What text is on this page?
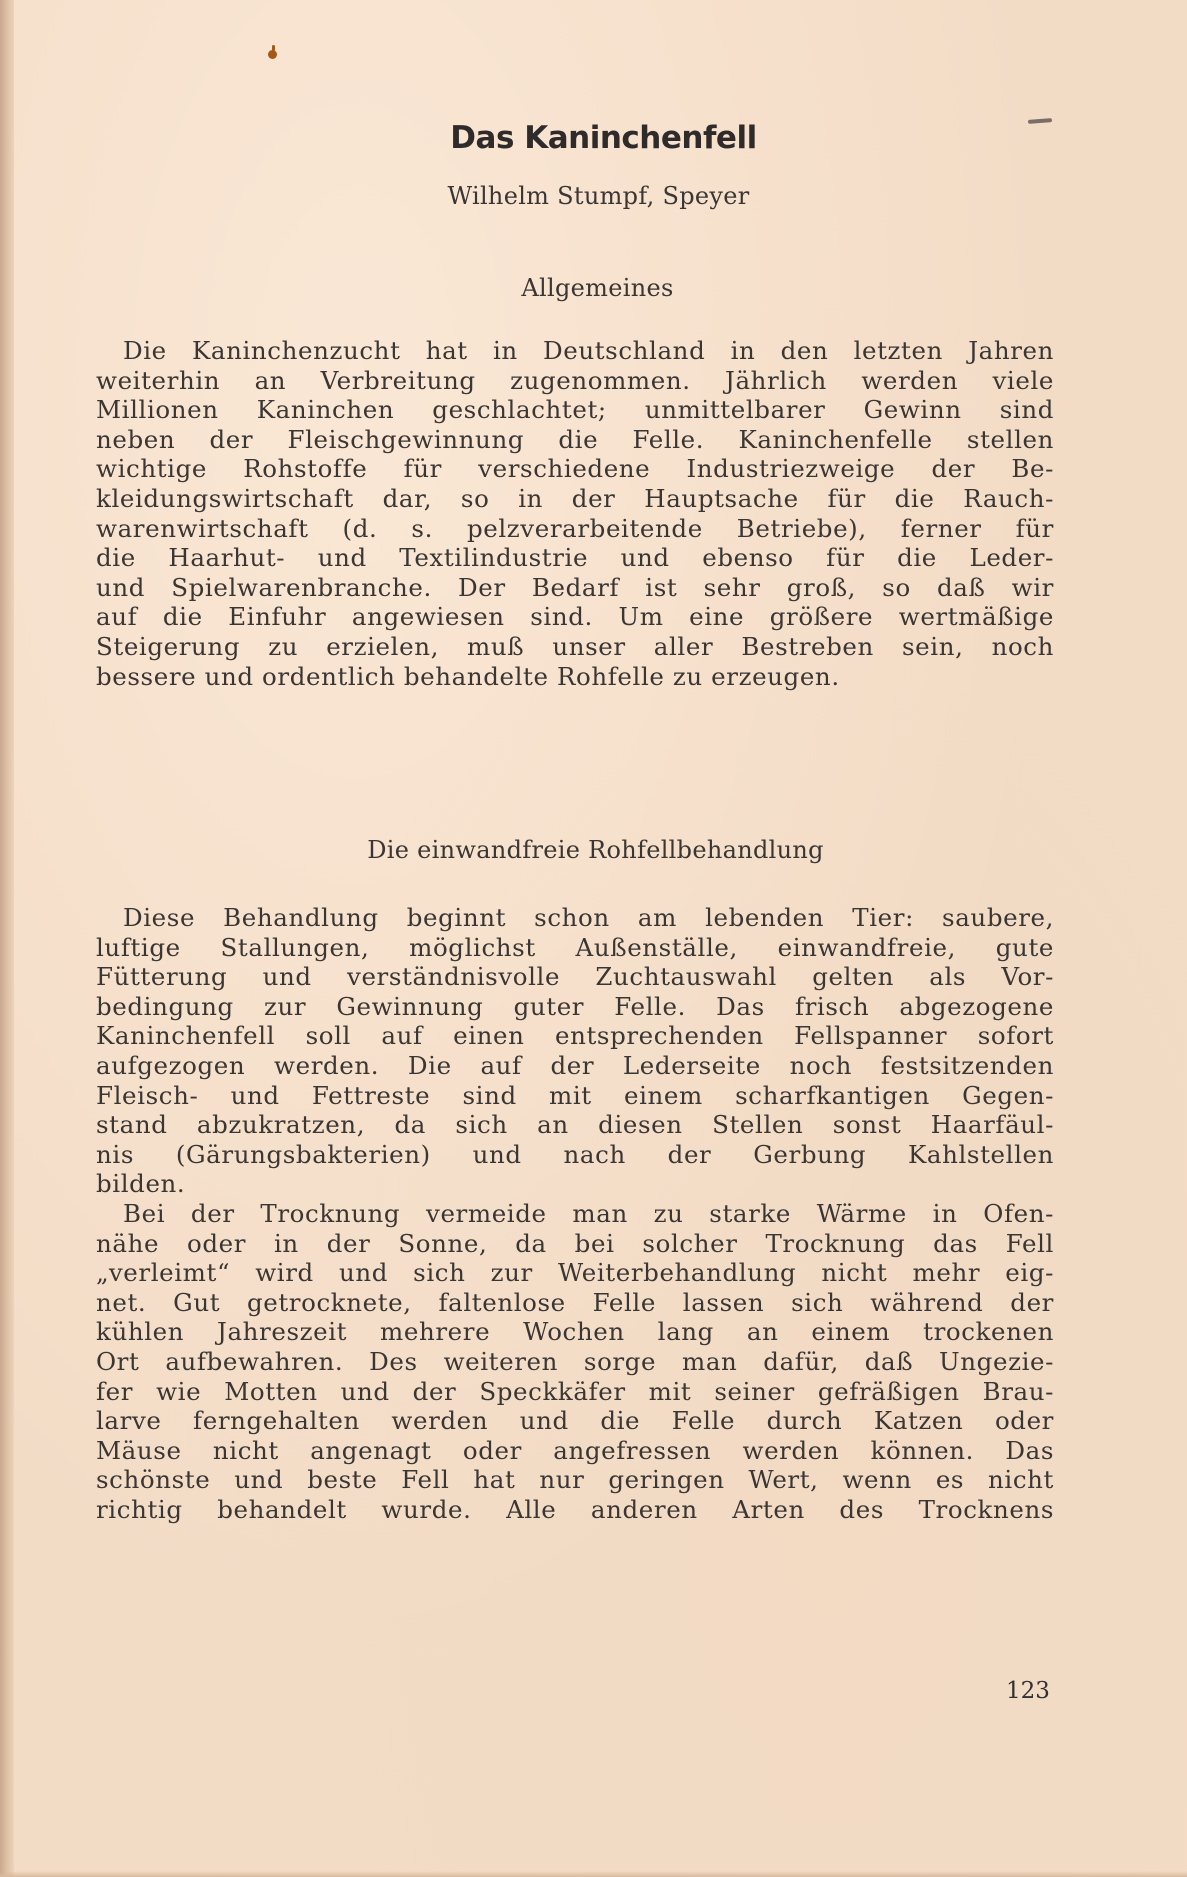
Das Kaninchenfell
Wilhelm Stumpf, Speyer
Allgemeines
Die Kaninchenzucht hat in Deutschland in den letzten Jahren
weiterhin an Verbreitung zugenommen. Jährlich werden viele
Millionen Kaninchen geschlachtet; unmittelbarer Gewinn sind
neben der Fleischgewinnung die Felle. Kaninchenfelle stellen
wichtige Rohstoffe für verschiedene Industriezweige der Be-
kleidungswirtschaft dar, so in der Hauptsache für die Rauch-
warenwirtschaft (d. s. pelzverarbeitende Betriebe), ferner für
die Haarhut- und Textilindustrie und ebenso für die Leder-
und Spielwarenbranche. Der Bedarf ist sehr groß, so daß wir
auf die Einfuhr angewiesen sind. Um eine größere wertmäßige
Steigerung zu erzielen, muß unser aller Bestreben sein, noch
bessere und ordentlich behandelte Rohfelle zu erzeugen.
Die einwandfreie Rohfellbehandlung
Diese Behandlung beginnt schon am lebenden Tier: saubere,
luftige Stallungen, möglichst Außenställe, einwandfreie, gute
Fütterung und verständnisvolle Zuchtauswahl gelten als Vor-
bedingung zur Gewinnung guter Felle. Das frisch abgezogene
Kaninchenfell soll auf einen entsprechenden Fellspanner sofort
aufgezogen werden. Die auf der Lederseite noch festsitzenden
Fleisch- und Fettreste sind mit einem scharfkantigen Gegen-
stand abzukratzen, da sich an diesen Stellen sonst Haarfäul-
nis (Gärungsbakterien) und nach der Gerbung Kahlstellen
bilden.
Bei der Trocknung vermeide man zu starke Wärme in Ofen-
nähe oder in der Sonne, da bei solcher Trocknung das Fell
„verleimt“ wird und sich zur Weiterbehandlung nicht mehr eig-
net. Gut getrocknete, faltenlose Felle lassen sich während der
kühlen Jahreszeit mehrere Wochen lang an einem trockenen
Ort aufbewahren. Des weiteren sorge man dafür, daß Ungezie-
fer wie Motten und der Speckkäfer mit seiner gefräßigen Brau-
larve ferngehalten werden und die Felle durch Katzen oder
Mäuse nicht angenagt oder angefressen werden können. Das
schönste und beste Fell hat nur geringen Wert, wenn es nicht
richtig behandelt wurde. Alle anderen Arten des Trocknens
123
